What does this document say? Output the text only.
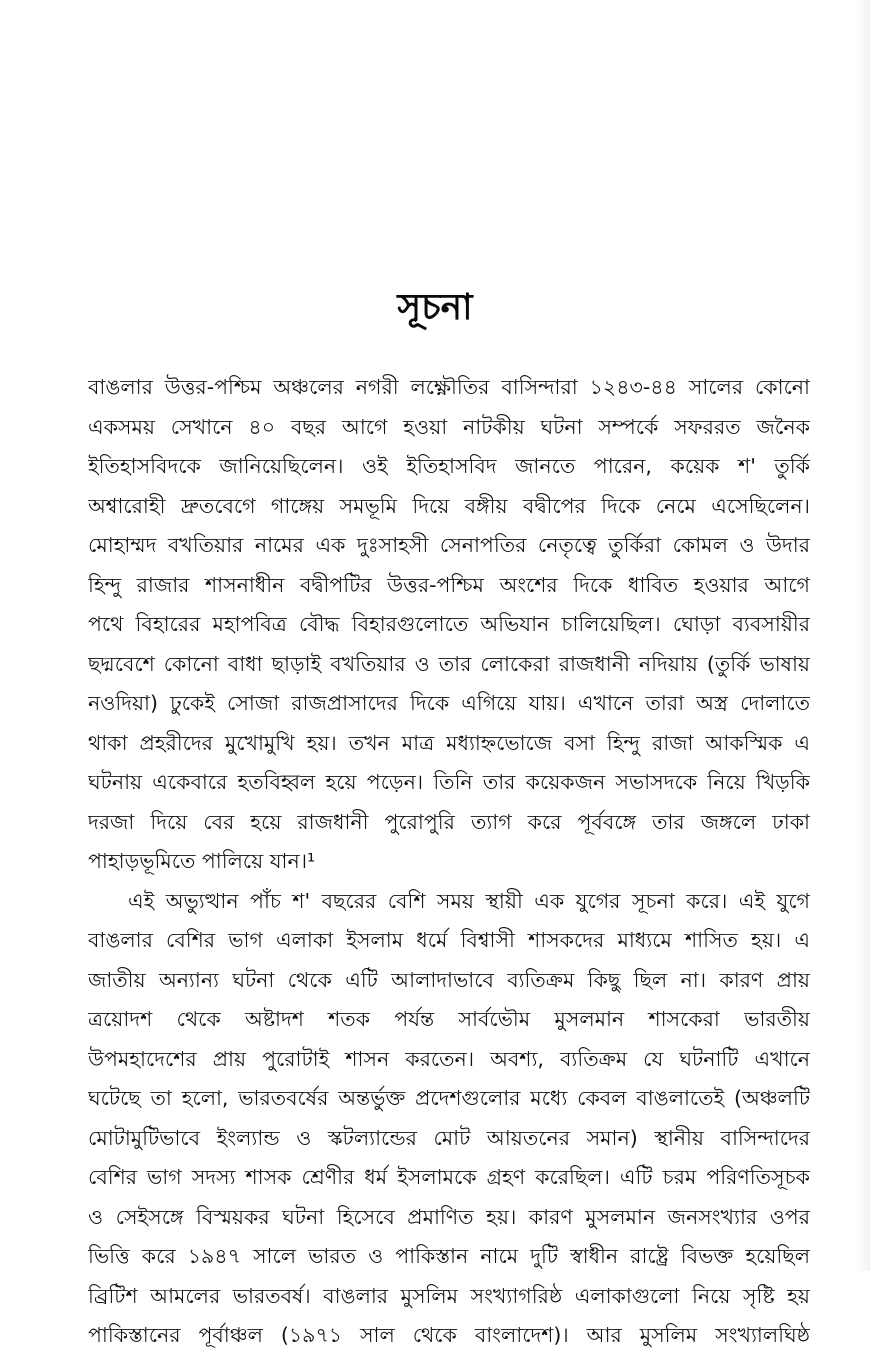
সূচনা
বাঙলার উত্তর-পশ্চিম অঞ্চলের নগরী লক্ষ্ণৌতির বাসিন্দারা ১২৪৩-৪৪ সালের কোনো
একসময় সেখানে ৪০ বছর আগে হওয়া নাটকীয় ঘটনা সম্পর্কে সফররত জনৈক
ইতিহাসবিদকে জানিয়েছিলেন। ওই ইতিহাসবিদ জানতে পারেন, কয়েক শ' তুর্কি
অশ্বারোহী দ্রুতবেগে গাঙ্গেয় সমভূমি দিয়ে বঙ্গীয় বদ্বীপের দিকে নেমে এসেছিলেন।
মোহাম্মদ বখতিয়ার নামের এক দুঃসাহসী সেনাপতির নেতৃত্বে তুর্কিরা কোমল ও উদার
হিন্দু রাজার শাসনাধীন বদ্বীপটির উত্তর-পশ্চিম অংশের দিকে ধাবিত হওয়ার আগে
পথে বিহারের মহাপবিত্র বৌদ্ধ বিহারগুলোতে অভিযান চালিয়েছিল। ঘোড়া ব্যবসায়ীর
ছদ্মবেশে কোনো বাধা ছাড়াই বখতিয়ার ও তার লোকেরা রাজধানী নদিয়ায় (তুর্কি ভাষায়
নওদিয়া) ঢুকেই সোজা রাজপ্রাসাদের দিকে এগিয়ে যায়। এখানে তারা অস্ত্র দোলাতে
থাকা প্রহরীদের মুখোমুখি হয়। তখন মাত্র মধ্যাহ্নভোজে বসা হিন্দু রাজা আকস্মিক এ
ঘটনায় একেবারে হতবিহ্বল হয়ে পড়েন। তিনি তার কয়েকজন সভাসদকে নিয়ে খিড়কি
দরজা দিয়ে বের হয়ে রাজধানী পুরোপুরি ত্যাগ করে পূর্ববঙ্গে তার জঙ্গলে ঢাকা
পাহাড়ভূমিতে পালিয়ে যান।¹
এই অভ্যুত্থান পাঁচ শ' বছরের বেশি সময় স্থায়ী এক যুগের সূচনা করে। এই যুগে
বাঙলার বেশির ভাগ এলাকা ইসলাম ধর্মে বিশ্বাসী শাসকদের মাধ্যমে শাসিত হয়। এ
জাতীয় অন্যান্য ঘটনা থেকে এটি আলাদাভাবে ব্যতিক্রম কিছু ছিল না। কারণ প্রায়
ত্রয়োদশ থেকে অষ্টাদশ শতক পর্যন্ত সার্বভৌম মুসলমান শাসকেরা ভারতীয়
উপমহাদেশের প্রায় পুরোটাই শাসন করতেন। অবশ্য, ব্যতিক্রম যে ঘটনাটি এখানে
ঘটেছে তা হলো, ভারতবর্ষের অন্তর্ভুক্ত প্রদেশগুলোর মধ্যে কেবল বাঙলাতেই (অঞ্চলটি
মোটামুটিভাবে ইংল্যান্ড ও স্কটল্যান্ডের মোট আয়তনের সমান) স্থানীয় বাসিন্দাদের
বেশির ভাগ সদস্য শাসক শ্রেণীর ধর্ম ইসলামকে গ্রহণ করেছিল। এটি চরম পরিণতিসূচক
ও সেইসঙ্গে বিস্ময়কর ঘটনা হিসেবে প্রমাণিত হয়। কারণ মুসলমান জনসংখ্যার ওপর
ভিত্তি করে ১৯৪৭ সালে ভারত ও পাকিস্তান নামে দুটি স্বাধীন রাষ্ট্রে বিভক্ত হয়েছিল
ব্রিটিশ আমলের ভারতবর্ষ। বাঙলার মুসলিম সংখ্যাগরিষ্ঠ এলাকাগুলো নিয়ে সৃষ্টি হয়
পাকিস্তানের পূর্বাঞ্চল (১৯৭১ সাল থেকে বাংলাদেশ)। আর মুসলিম সংখ্যালঘিষ্ঠ
